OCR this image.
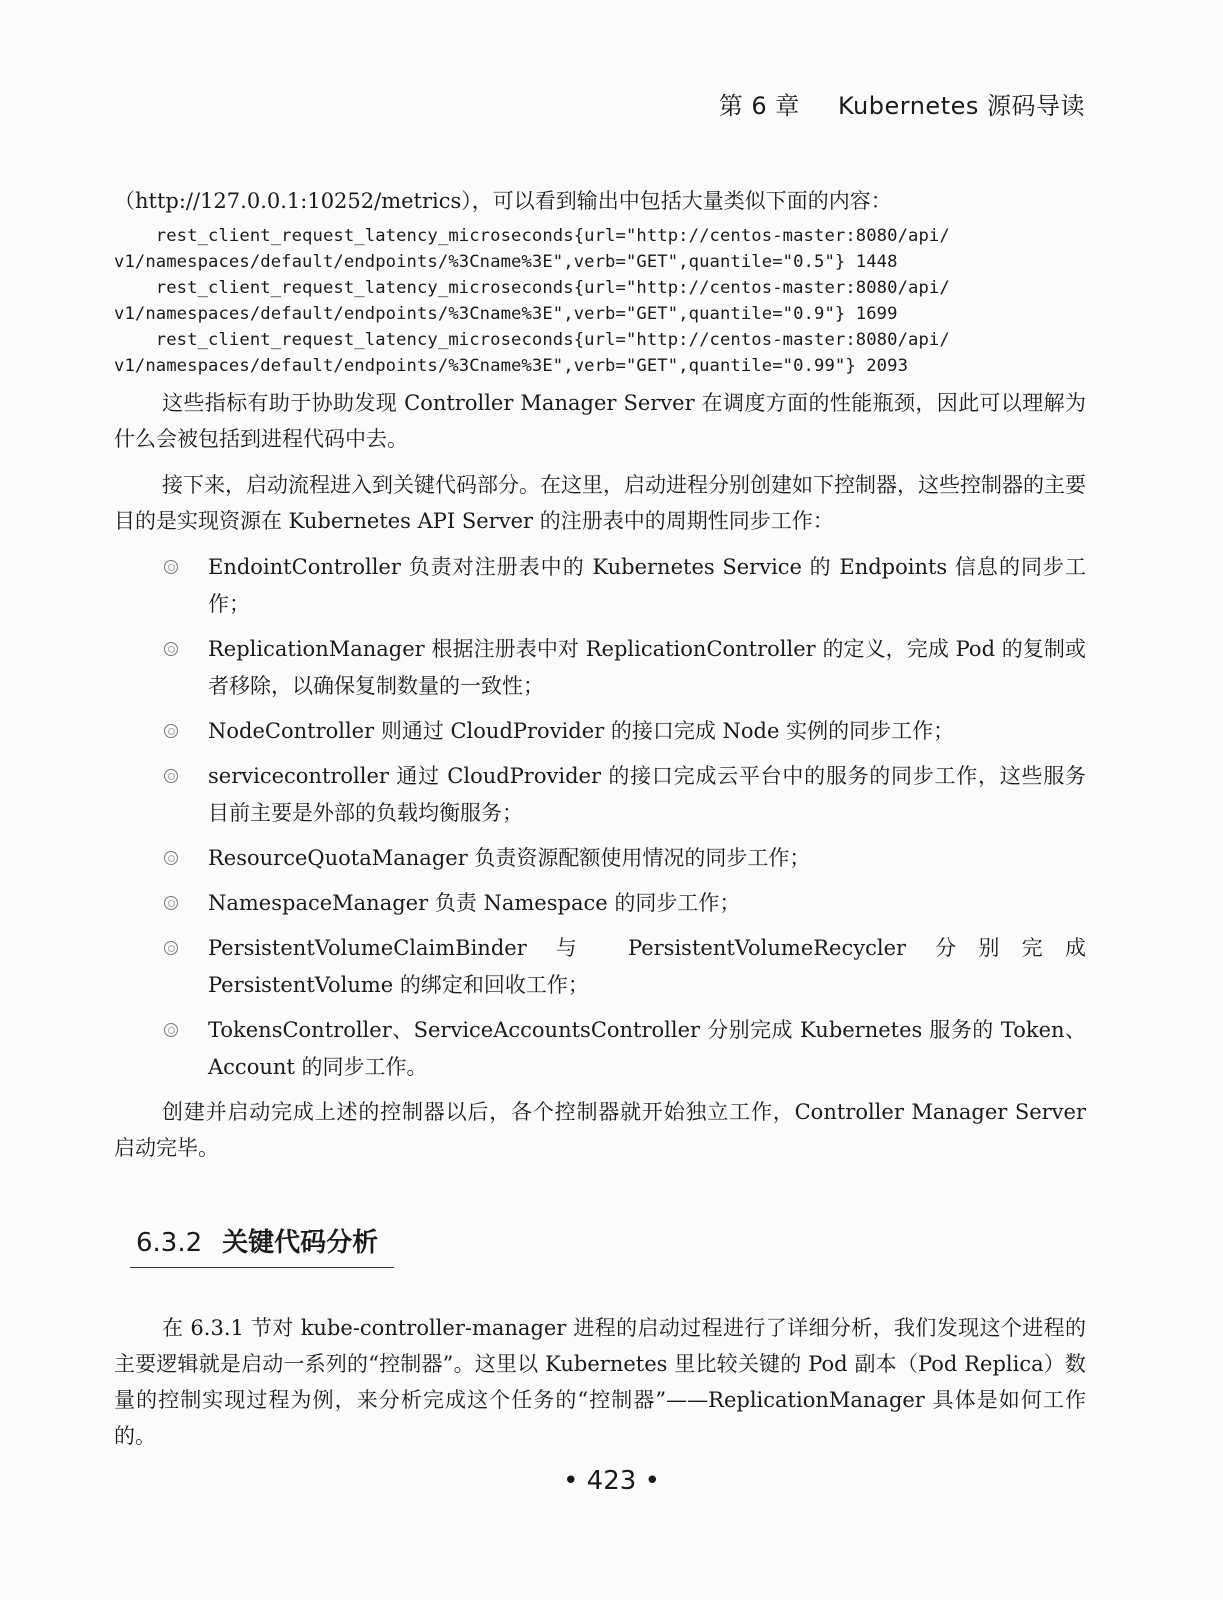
第 6 章 Kubernetes 源码导读

（http://127.0.0.1:10252/metrics），可以看到输出中包括大量类似下面的内容：

rest_client_request_latency_microseconds{url="http://centos-master:8080/api/
v1/namespaces/default/endpoints/%3Cname%3E",verb="GET",quantile="0.5"} 1448
rest_client_request_latency_microseconds{url="http://centos-master:8080/api/
v1/namespaces/default/endpoints/%3Cname%3E",verb="GET",quantile="0.9"} 1699
rest_client_request_latency_microseconds{url="http://centos-master:8080/api/
v1/namespaces/default/endpoints/%3Cname%3E",verb="GET",quantile="0.99"} 2093

这些指标有助于协助发现 Controller Manager Server 在调度方面的性能瓶颈，因此可以理解为什么会被包括到进程代码中去。

接下来，启动流程进入到关键代码部分。在这里，启动进程分别创建如下控制器，这些控制器的主要目的是实现资源在 Kubernetes API Server 的注册表中的周期性同步工作：

EndointController 负责对注册表中的 Kubernetes Service 的 Endpoints 信息的同步工作；
ReplicationManager 根据注册表中对 ReplicationController 的定义，完成 Pod 的复制或者移除，以确保复制数量的一致性；
NodeController 则通过 CloudProvider 的接口完成 Node 实例的同步工作；
servicecontroller 通过 CloudProvider 的接口完成云平台中的服务的同步工作，这些服务目前主要是外部的负载均衡服务；
ResourceQuotaManager 负责资源配额使用情况的同步工作；
NamespaceManager 负责 Namespace 的同步工作；
PersistentVolumeClaimBinder 与 PersistentVolumeRecycler 分别完成 PersistentVolume 的绑定和回收工作；
TokensController、ServiceAccountsController 分别完成 Kubernetes 服务的 Token、Account 的同步工作。

创建并启动完成上述的控制器以后，各个控制器就开始独立工作，Controller Manager Server 启动完毕。

6.3.2 关键代码分析

在 6.3.1 节对 kube-controller-manager 进程的启动过程进行了详细分析，我们发现这个进程的主要逻辑就是启动一系列的“控制器”。这里以 Kubernetes 里比较关键的 Pod 副本（Pod Replica）数量的控制实现过程为例，来分析完成这个任务的“控制器”——ReplicationManager 具体是如何工作的。

• 423 •
